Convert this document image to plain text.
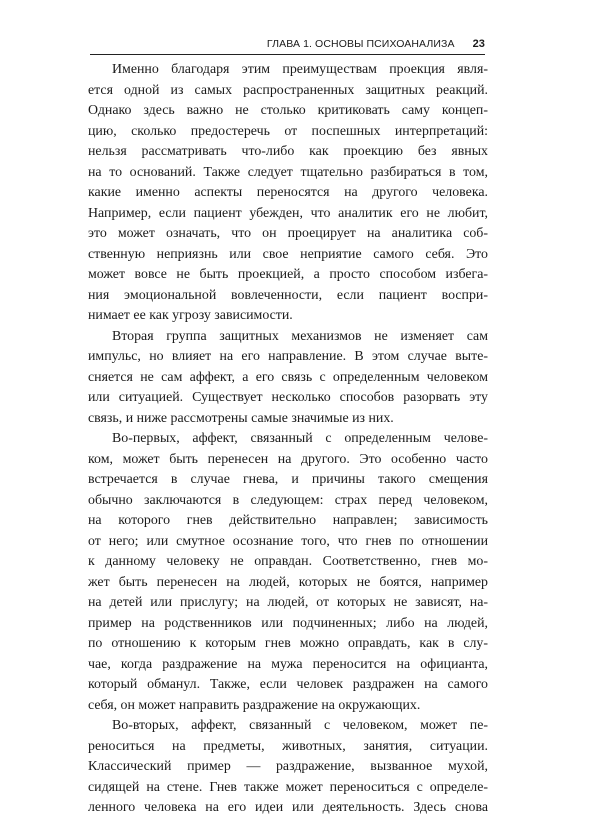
ГЛАВА 1. ОСНОВЫ ПСИХОАНАЛИЗА 23

Именно благодаря этим преимуществам проекция явля-
ется одной из самых распространенных защитных реакций.
Однако здесь важно не столько критиковать саму концеп-
цию, сколько предостеречь от поспешных интерпретаций:
нельзя рассматривать что-либо как проекцию без явных
на то оснований. Также следует тщательно разбираться в том,
какие именно аспекты переносятся на другого человека.
Например, если пациент убежден, что аналитик его не любит,
это может означать, что он проецирует на аналитика соб-
ственную неприязнь или свое неприятие самого себя. Это
может вовсе не быть проекцией, а просто способом избега-
ния эмоциональной вовлеченности, если пациент воспри-
нимает ее как угрозу зависимости.

Вторая группа защитных механизмов не изменяет сам
импульс, но влияет на его направление. В этом случае выте-
сняется не сам аффект, а его связь с определенным человеком
или ситуацией. Существует несколько способов разорвать эту
связь, и ниже рассмотрены самые значимые из них.

Во-первых, аффект, связанный с определенным челове-
ком, может быть перенесен на другого. Это особенно часто
встречается в случае гнева, и причины такого смещения
обычно заключаются в следующем: страх перед человеком,
на которого гнев действительно направлен; зависимость
от него; или смутное осознание того, что гнев по отношении
к данному человеку не оправдан. Соответственно, гнев мо-
жет быть перенесен на людей, которых не боятся, например
на детей или прислугу; на людей, от которых не зависят, на-
пример на родственников или подчиненных; либо на людей,
по отношению к которым гнев можно оправдать, как в слу-
чае, когда раздражение на мужа переносится на официанта,
который обманул. Также, если человек раздражен на самого
себя, он может направить раздражение на окружающих.

Во-вторых, аффект, связанный с человеком, может пе-
реноситься на предметы, животных, занятия, ситуации.
Классический пример — раздражение, вызванное мухой,
сидящей на стене. Гнев также может переноситься с определе-
ленного человека на его идеи или деятельность. Здесь снова
